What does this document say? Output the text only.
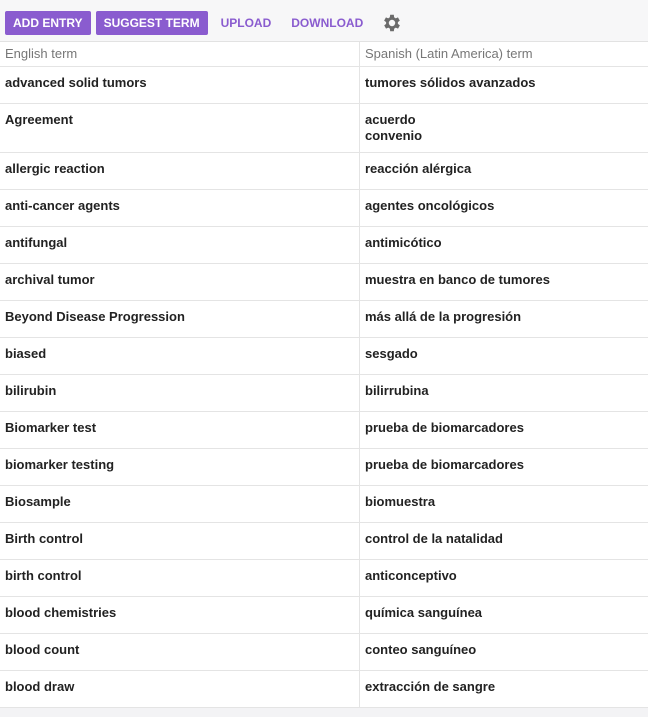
ADD ENTRY	SUGGEST TERM	UPLOAD	DOWNLOAD
English term	Spanish (Latin America) term
advanced solid tumors	tumores sólidos avanzados
Agreement	acuerdo
convenio
allergic reaction	reacción alérgica
anti-cancer agents	agentes oncológicos
antifungal	antimicótico
archival tumor	muestra en banco de tumores
Beyond Disease Progression	más allá de la progresión
biased	sesgado
bilirubin	bilirrubina
Biomarker test	prueba de biomarcadores
biomarker testing	prueba de biomarcadores
Biosample	biomuestra
Birth control	control de la natalidad
birth control	anticonceptivo
blood chemistries	química sanguínea
blood count	conteo sanguíneo
blood draw	extracción de sangre
